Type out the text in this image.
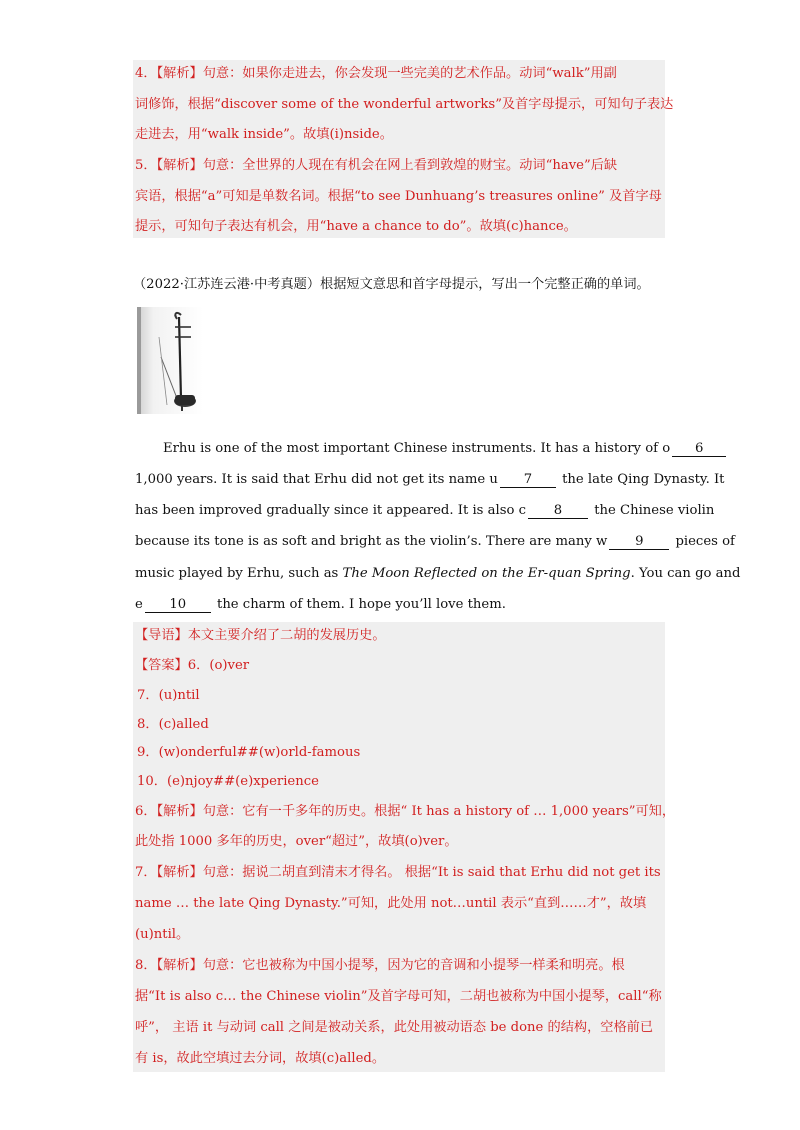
4．【解析】句意：如果你走进去，你会发现一些完美的艺术作品。动词“walk”用副
词修饰，根据“discover some of the wonderful artworks”及首字母提示，可知句子表达
走进去，用“walk inside”。故填(i)nside。
5．【解析】句意：全世界的人现在有机会在网上看到敦煌的财宝。动词“have”后缺
宾语，根据“a”可知是单数名词。根据“to see Dunhuang’s treasures online” 及首字母
提示，可知句子表达有机会，用“have a chance to do”。故填(c)hance。
（2022·江苏连云港·中考真题）根据短文意思和首字母提示，写出一个完整正确的单词。
Erhu is one of the most important Chinese instruments. It has a history of o 6
1,000 years. It is said that Erhu did not get its name u 7 the late Qing Dynasty. It
has been improved gradually since it appeared. It is also c 8 the Chinese violin
because its tone is as soft and bright as the violin’s. There are many w 9 pieces of
music played by Erhu, such as The Moon Reflected on the Er-quan Spring. You can go and
e 10 the charm of them. I hope you’ll love them.
【导语】本文主要介绍了二胡的发展历史。
【答案】6．(o)ver
7．(u)ntil
8．(c)alled
9．(w)onderful##(w)orld-famous
10．(e)njoy##(e)xperience
6．【解析】句意：它有一千多年的历史。根据“ It has a history of … 1,000 years”可知，
此处指 1000 多年的历史，over“超过”，故填(o)ver。
7．【解析】句意：据说二胡直到清末才得名。 根据“It is said that Erhu did not get its
name … the late Qing Dynasty.”可知，此处用 not…until 表示“直到……才”，故填
(u)ntil。
8．【解析】句意：它也被称为中国小提琴，因为它的音调和小提琴一样柔和明亮。根
据“It is also c… the Chinese violin”及首字母可知，二胡也被称为中国小提琴，call“称
呼”， 主语 it 与动词 call 之间是被动关系，此处用被动语态 be done 的结构，空格前已
有 is，故此空填过去分词，故填(c)alled。
